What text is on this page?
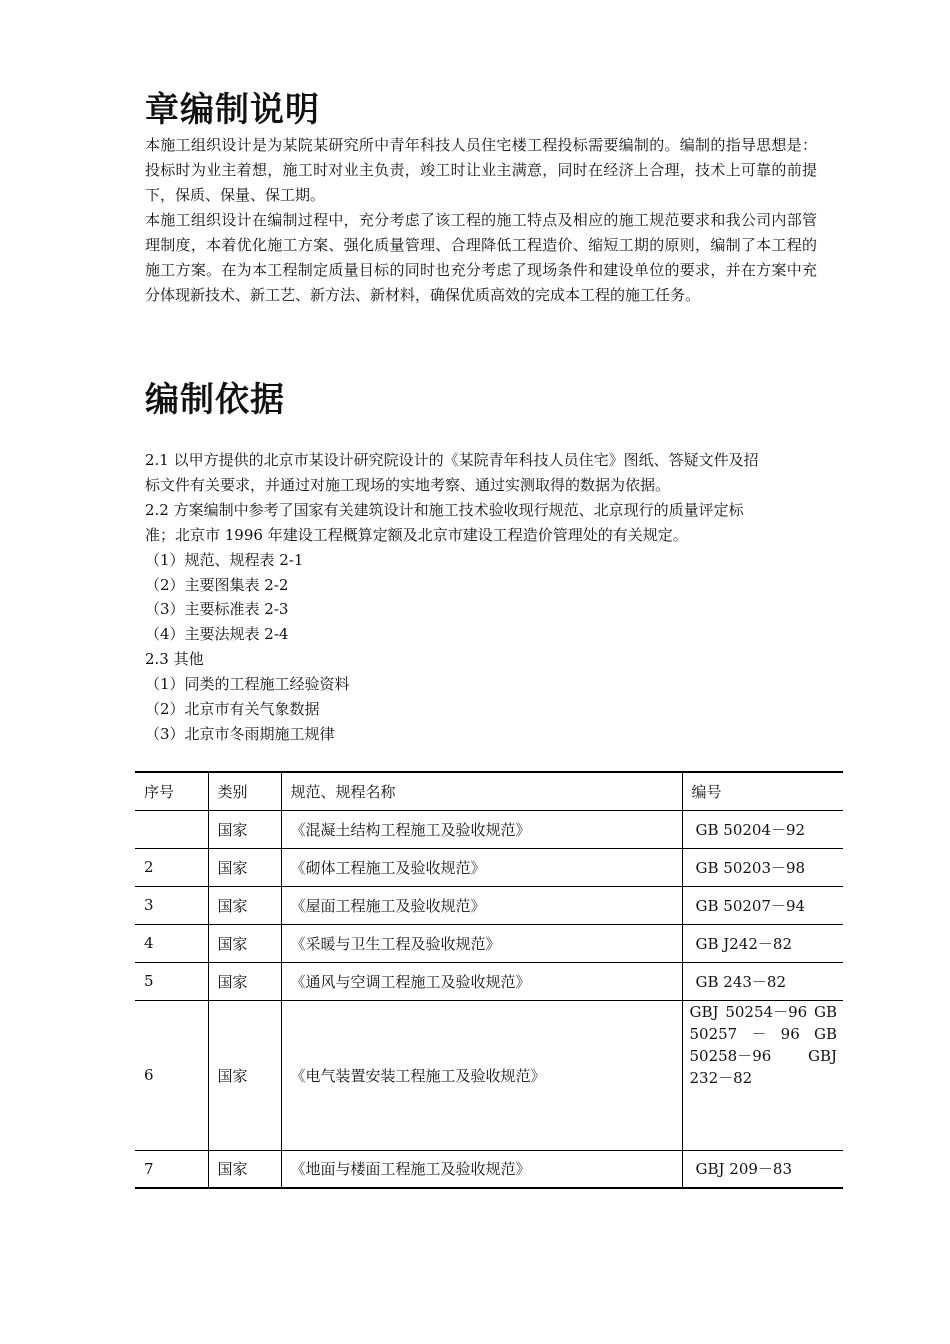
章编制说明

本施工组织设计是为某院某研究所中青年科技人员住宅楼工程投标需要编制的。编制的指导思想是：投标时为业主着想，施工时对业主负责，竣工时让业主满意，同时在经济上合理，技术上可靠的前提下，保质、保量、保工期。

本施工组织设计在编制过程中，充分考虑了该工程的施工特点及相应的施工规范要求和我公司内部管理制度，本着优化施工方案、强化质量管理、合理降低工程造价、缩短工期的原则，编制了本工程的施工方案。在为本工程制定质量目标的同时也充分考虑了现场条件和建设单位的要求，并在方案中充分体现新技术、新工艺、新方法、新材料，确保优质高效的完成本工程的施工任务。

编制依据

2.1 以甲方提供的北京市某设计研究院设计的《某院青年科技人员住宅》图纸、答疑文件及招

标文件有关要求，并通过对施工现场的实地考察、通过实测取得的数据为依据。

2.2 方案编制中参考了国家有关建筑设计和施工技术验收现行规范、北京现行的质量评定标

准；北京市 1996 年建设工程概算定额及北京市建设工程造价管理处的有关规定。

（1）规范、规程表 2-1

（2）主要图集表 2-2

（3）主要标准表 2-3

（4）主要法规表 2-4

2.3 其他

（1）同类的工程施工经验资料

（2）北京市有关气象数据

（3）北京市冬雨期施工规律

序号	类别	规范、规程名称	编号
	国家	《混凝土结构工程施工及验收规范》	GB 50204－92
2	国家	《砌体工程施工及验收规范》	GB 50203－98
3	国家	《屋面工程施工及验收规范》	GB 50207－94
4	国家	《采暖与卫生工程及验收规范》	GB J242－82
5	国家	《通风与空调工程施工及验收规范》	GB 243－82
6	国家	《电气装置安装工程施工及验收规范》	GBJ 50254－96 GB 50257 － 96 GB 50258－96 GBJ 232－82
7	国家	《地面与楼面工程施工及验收规范》	GBJ 209－83
